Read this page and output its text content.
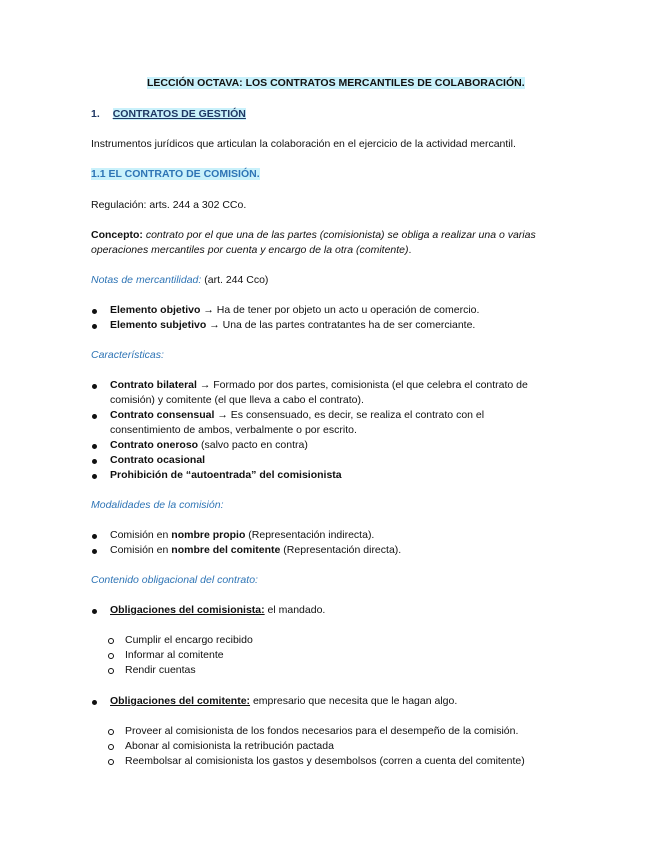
LECCIÓN OCTAVA: LOS CONTRATOS MERCANTILES DE COLABORACIÓN.
1. CONTRATOS DE GESTIÓN
Instrumentos jurídicos que articulan la colaboración en el ejercicio de la actividad mercantil.
1.1 EL CONTRATO DE COMISIÓN.
Regulación: arts. 244 a 302 CCo.
Concepto: contrato por el que una de las partes (comisionista) se obliga a realizar una o varias
operaciones mercantiles por cuenta y encargo de la otra (comitente).
Notas de mercantilidad: (art. 244 Cco)
Elemento objetivo → Ha de tener por objeto un acto u operación de comercio.
Elemento subjetivo → Una de las partes contratantes ha de ser comerciante.
Características:
Contrato bilateral → Formado por dos partes, comisionista (el que celebra el contrato de
comisión) y comitente (el que lleva a cabo el contrato).
Contrato consensual → Es consensuado, es decir, se realiza el contrato con el
consentimiento de ambos, verbalmente o por escrito.
Contrato oneroso (salvo pacto en contra)
Contrato ocasional
Prohibición de “autoentrada” del comisionista
Modalidades de la comisión:
Comisión en nombre propio (Representación indirecta).
Comisión en nombre del comitente (Representación directa).
Contenido obligacional del contrato:
Obligaciones del comisionista: el mandado.
Cumplir el encargo recibido
Informar al comitente
Rendir cuentas
Obligaciones del comitente: empresario que necesita que le hagan algo.
Proveer al comisionista de los fondos necesarios para el desempeño de la comisión.
Abonar al comisionista la retribución pactada
Reembolsar al comisionista los gastos y desembolsos (corren a cuenta del comitente)
